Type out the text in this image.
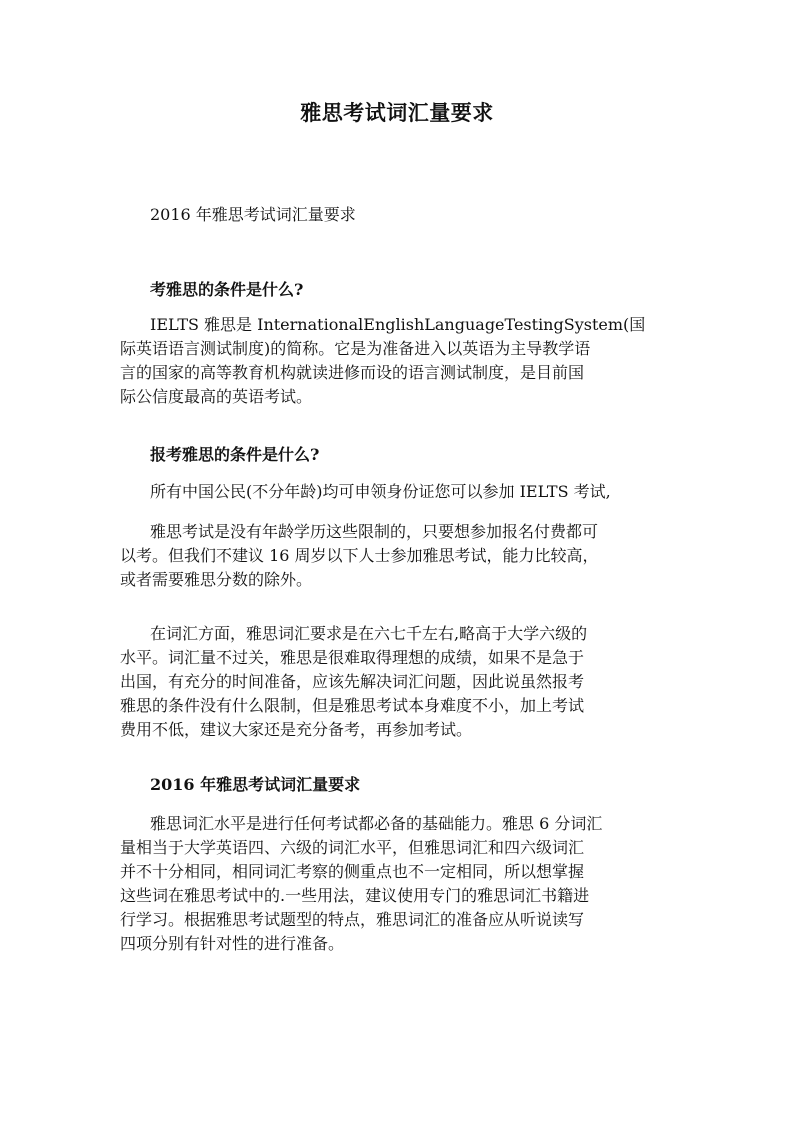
雅思考试词汇量要求

2016 年雅思考试词汇量要求

考雅思的条件是什么?
IELTS 雅思是 InternationalEnglishLanguageTestingSystem(国
际英语语言测试制度)的简称。它是为准备进入以英语为主导教学语
言的国家的高等教育机构就读进修而设的语言测试制度，是目前国
际公信度最高的英语考试。
报考雅思的条件是什么?
所有中国公民(不分年龄)均可申领身份证您可以参加 IELTS 考试,
雅思考试是没有年龄学历这些限制的，只要想参加报名付费都可
以考。但我们不建议 16 周岁以下人士参加雅思考试，能力比较高，
或者需要雅思分数的除外。
在词汇方面，雅思词汇要求是在六七千左右,略高于大学六级的
水平。词汇量不过关，雅思是很难取得理想的成绩，如果不是急于
出国，有充分的时间准备，应该先解决词汇问题，因此说虽然报考
雅思的条件没有什么限制，但是雅思考试本身难度不小，加上考试
费用不低，建议大家还是充分备考，再参加考试。
2016 年雅思考试词汇量要求
雅思词汇水平是进行任何考试都必备的基础能力。雅思 6 分词汇
量相当于大学英语四、六级的词汇水平，但雅思词汇和四六级词汇
并不十分相同，相同词汇考察的侧重点也不一定相同，所以想掌握
这些词在雅思考试中的.一些用法，建议使用专门的雅思词汇书籍进
行学习。根据雅思考试题型的特点，雅思词汇的准备应从听说读写
四项分别有针对性的进行准备。
